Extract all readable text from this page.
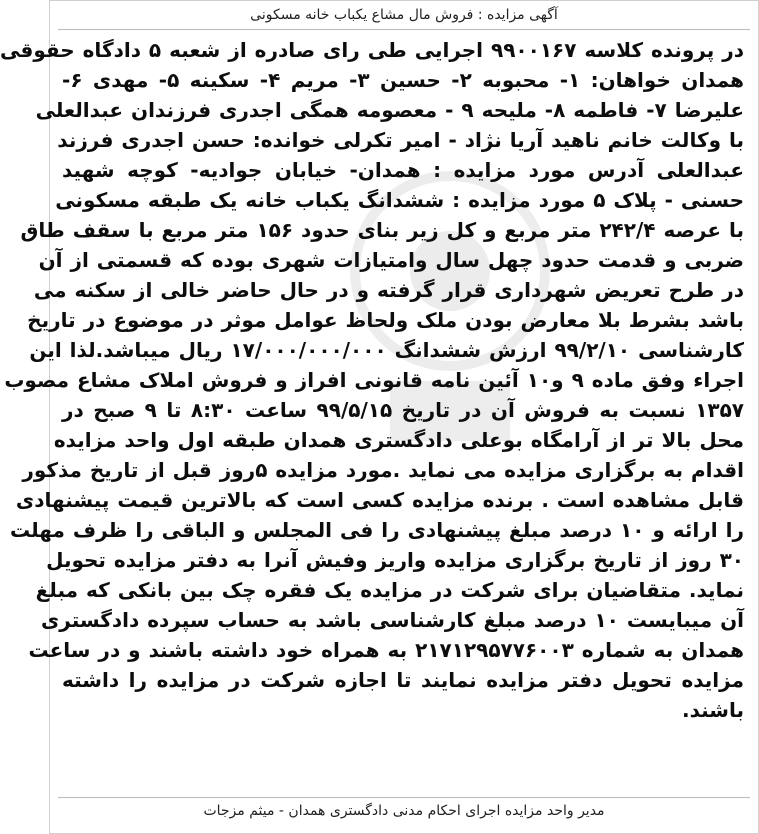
آگهی مزایده : فروش مال مشاع یکباب خانه مسکونی
در پرونده کلاسه ۹۹۰۰۱۶۷ اجرایی طی رای صادره از شعبه ۵ دادگاه حقوقی
همدان خواهان: ۱- محبوبه ۲- حسین ۳- مریم ۴- سکینه ۵- مهدی ۶-
علیرضا ۷- فاطمه ۸- ملیحه ۹ - معصومه همگی اجدری فرزندان عبدالعلی
با وکالت خانم ناهید آریا نژاد - امیر تکرلی خوانده: حسن اجدری فرزند
عبدالعلی آدرس مورد مزایده : همدان- خیابان جوادیه- کوچه شهید
حسنی - پلاک ۵ مورد مزایده : ششدانگ یکباب خانه یک طبقه مسکونی
با عرصه ۲۴۲/۴ متر مربع و کل زیر بنای حدود ۱۵۶ متر مربع با سقف طاق
ضربی و قدمت حدود چهل سال وامتیازات شهری بوده که قسمتی از آن
در طرح تعریض شهرداری قرار گرفته و در حال حاضر خالی از سکنه می
باشد بشرط بلا معارض بودن ملک ولحاظ عوامل موثر در موضوع در تاریخ
کارشناسی ۹۹/۲/۱۰ ارزش ششدانگ ۱۷/۰۰۰/۰۰۰/۰۰۰ ریال میباشد.لذا این
اجراء وفق ماده ۹ و۱۰ آئین نامه قانونی افراز و فروش املاک مشاع مصوب
۱۳۵۷ نسبت به فروش آن در تاریخ ۹۹/۵/۱۵ ساعت ۸:۳۰ تا ۹ صبح در
محل بالا تر از آرامگاه بوعلی دادگستری همدان طبقه اول واحد مزایده
اقدام به برگزاری مزایده می نماید .مورد مزایده ۵روز قبل از تاریخ مذکور
قابل مشاهده است . برنده مزایده کسی است که بالاترین قیمت پیشنهادی
را ارائه و ۱۰ درصد مبلغ پیشنهادی را فی المجلس و الباقی را ظرف مهلت
۳۰ روز از تاریخ برگزاری مزایده واریز وفیش آنرا به دفتر مزایده تحویل
نماید. متقاضیان برای شرکت در مزایده یک فقره چک بین بانکی که مبلغ
آن میبایست ۱۰ درصد مبلغ کارشناسی باشد به حساب سپرده دادگستری
همدان به شماره ۲۱۷۱۲۹۵۷۷۶۰۰۳ به همراه خود داشته باشند و در ساعت
مزایده تحویل دفتر مزایده نمایند تا اجازه شرکت در مزایده را داشته
باشند.
مدیر واحد مزایده اجرای احکام مدنی دادگستری همدان - میثم مزجات
